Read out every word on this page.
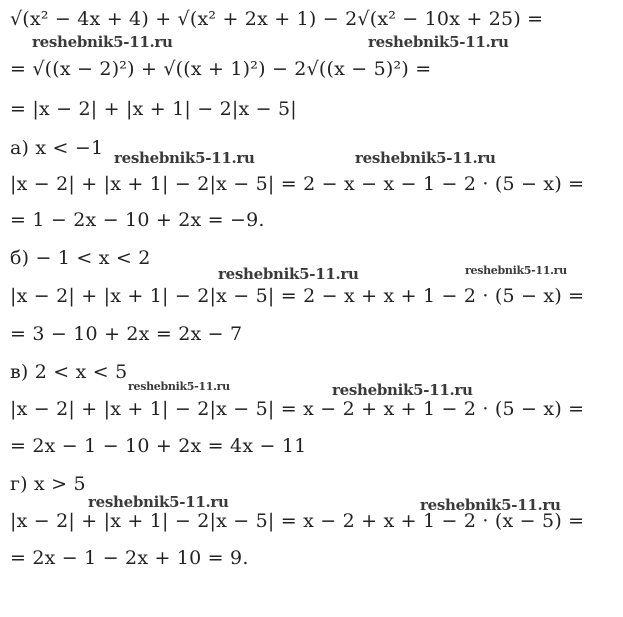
√(x² − 4x + 4) + √(x² + 2x + 1) − 2√(x² − 10x + 25) =
= √((x − 2)²) + √((x + 1)²) − 2√((x − 5)²) =
= |x − 2| + |x + 1| − 2|x − 5|
а) x < −1
|x − 2| + |x + 1| − 2|x − 5| = 2 − x − x − 1 − 2 · (5 − x) =
= 1 − 2x − 10 + 2x = −9.
б) − 1 < x < 2
|x − 2| + |x + 1| − 2|x − 5| = 2 − x + x + 1 − 2 · (5 − x) =
= 3 − 10 + 2x = 2x − 7
в) 2 < x < 5
|x − 2| + |x + 1| − 2|x − 5| = x − 2 + x + 1 − 2 · (5 − x) =
= 2x − 1 − 10 + 2x = 4x − 11
г) x > 5
|x − 2| + |x + 1| − 2|x − 5| = x − 2 + x + 1 − 2 · (x − 5) =
= 2x − 1 − 2x + 10 = 9.
reshebnik5-11.ru	reshebnik5-11.ru
reshebnik5-11.ru	reshebnik5-11.ru
reshebnik5-11.ru	reshebnik5-11.ru
reshebnik5-11.ru	reshebnik5-11.ru
reshebnik5-11.ru	reshebnik5-11.ru
